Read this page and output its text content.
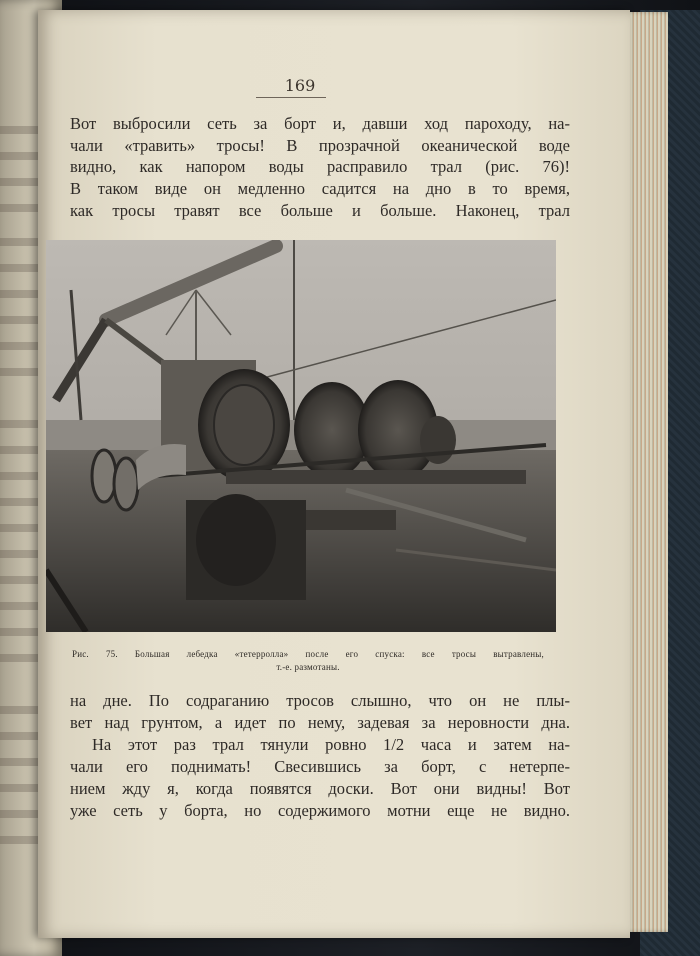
169
Вот выбросили сеть за борт и, давши ход пароходу, на-
чали «травить» тросы! В прозрачной океанической воде
видно, как напором воды расправило трал (рис. 76)!
В таком виде он медленно садится на дно в то время,
как тросы травят все больше и больше. Наконец, трал
Рис. 75. Большая лебедка «тетерролла» после его спуска: все тросы вытравлены,
т.-е. размотаны.
на дне. По содраганию тросов слышно, что он не плы-
вет над грунтом, а идет по нему, задевая за неровности дна.
На этот раз трал тянули ровно 1/2 часа и затем на-
чали его поднимать! Свесившись за борт, с нетерпе-
нием жду я, когда появятся доски. Вот они видны! Вот
уже сеть у борта, но содержимого мотни еще не видно.
